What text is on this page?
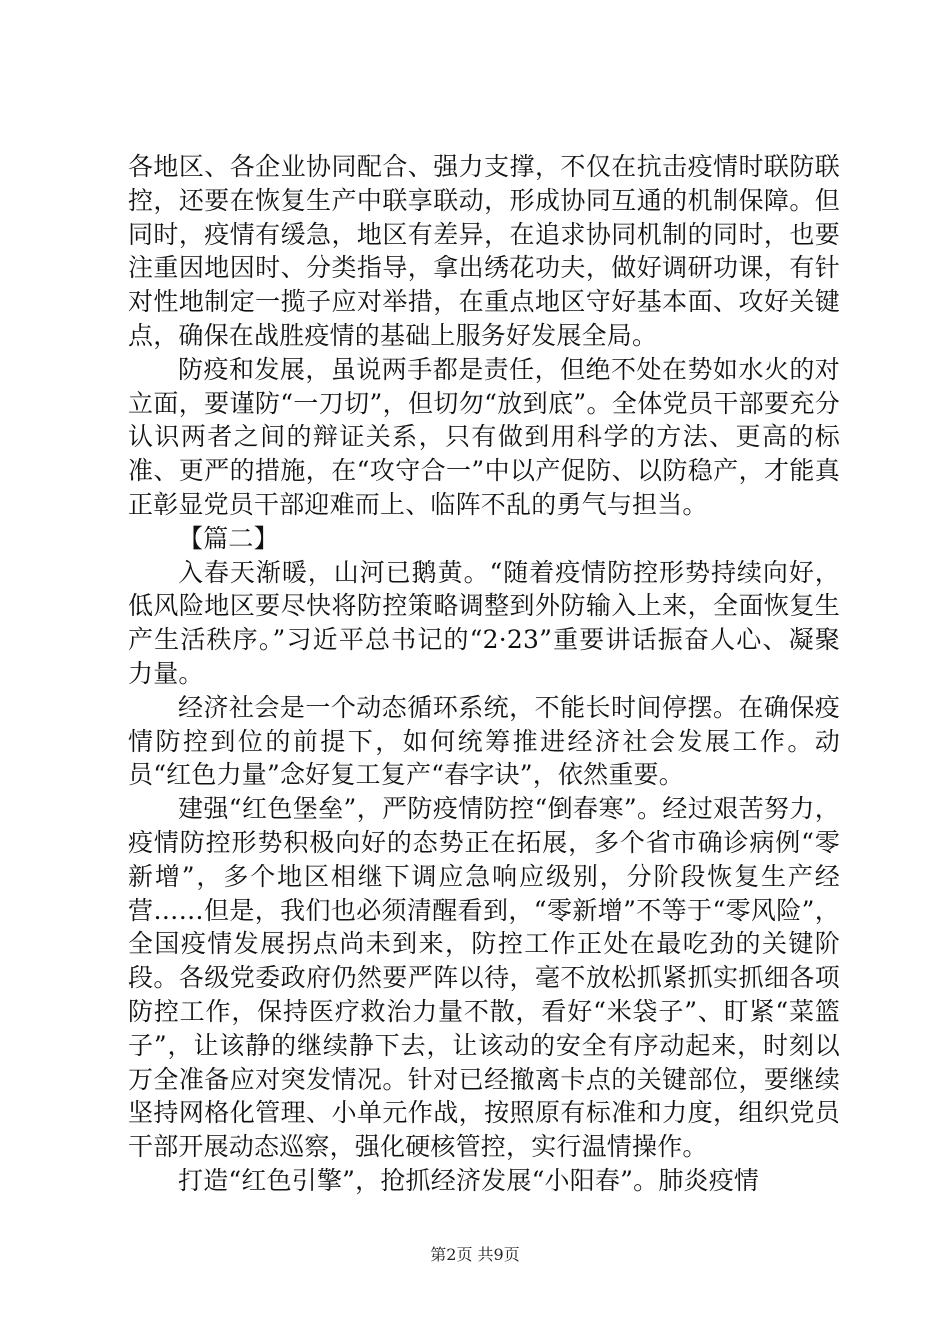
各地区、各企业协同配合、强力支撑，不仅在抗击疫情时联防联控，还要在恢复生产中联享联动，形成协同互通的机制保障。但同时，疫情有缓急，地区有差异，在追求协同机制的同时，也要注重因地因时、分类指导，拿出绣花功夫，做好调研功课，有针对性地制定一揽子应对举措，在重点地区守好基本面、攻好关键点，确保在战胜疫情的基础上服务好发展全局。

防疫和发展，虽说两手都是责任，但绝不处在势如水火的对立面，要谨防“一刀切”，但切勿“放到底”。全体党员干部要充分认识两者之间的辩证关系，只有做到用科学的方法、更高的标准、更严的措施，在“攻守合一”中以产促防、以防稳产，才能真正彰显党员干部迎难而上、临阵不乱的勇气与担当。

【篇二】

入春天渐暖，山河已鹅黄。“随着疫情防控形势持续向好，低风险地区要尽快将防控策略调整到外防输入上来，全面恢复生产生活秩序。”习近平总书记的“2·23”重要讲话振奋人心、凝聚力量。

经济社会是一个动态循环系统，不能长时间停摆。在确保疫情防控到位的前提下，如何统筹推进经济社会发展工作。动员“红色力量”念好复工复产“春字诀”，依然重要。

建强“红色堡垒”，严防疫情防控“倒春寒”。经过艰苦努力，疫情防控形势积极向好的态势正在拓展，多个省市确诊病例“零新增”，多个地区相继下调应急响应级别，分阶段恢复生产经营……但是，我们也必须清醒看到，“零新增”不等于“零风险”，全国疫情发展拐点尚未到来，防控工作正处在最吃劲的关键阶段。各级党委政府仍然要严阵以待，毫不放松抓紧抓实抓细各项防控工作，保持医疗救治力量不散，看好“米袋子”、盯紧“菜篮子”，让该静的继续静下去，让该动的安全有序动起来，时刻以万全准备应对突发情况。针对已经撤离卡点的关键部位，要继续坚持网格化管理、小单元作战，按照原有标准和力度，组织党员干部开展动态巡察，强化硬核管控，实行温情操作。

打造“红色引擎”，抢抓经济发展“小阳春”。肺炎疫情

第2页 共9页
